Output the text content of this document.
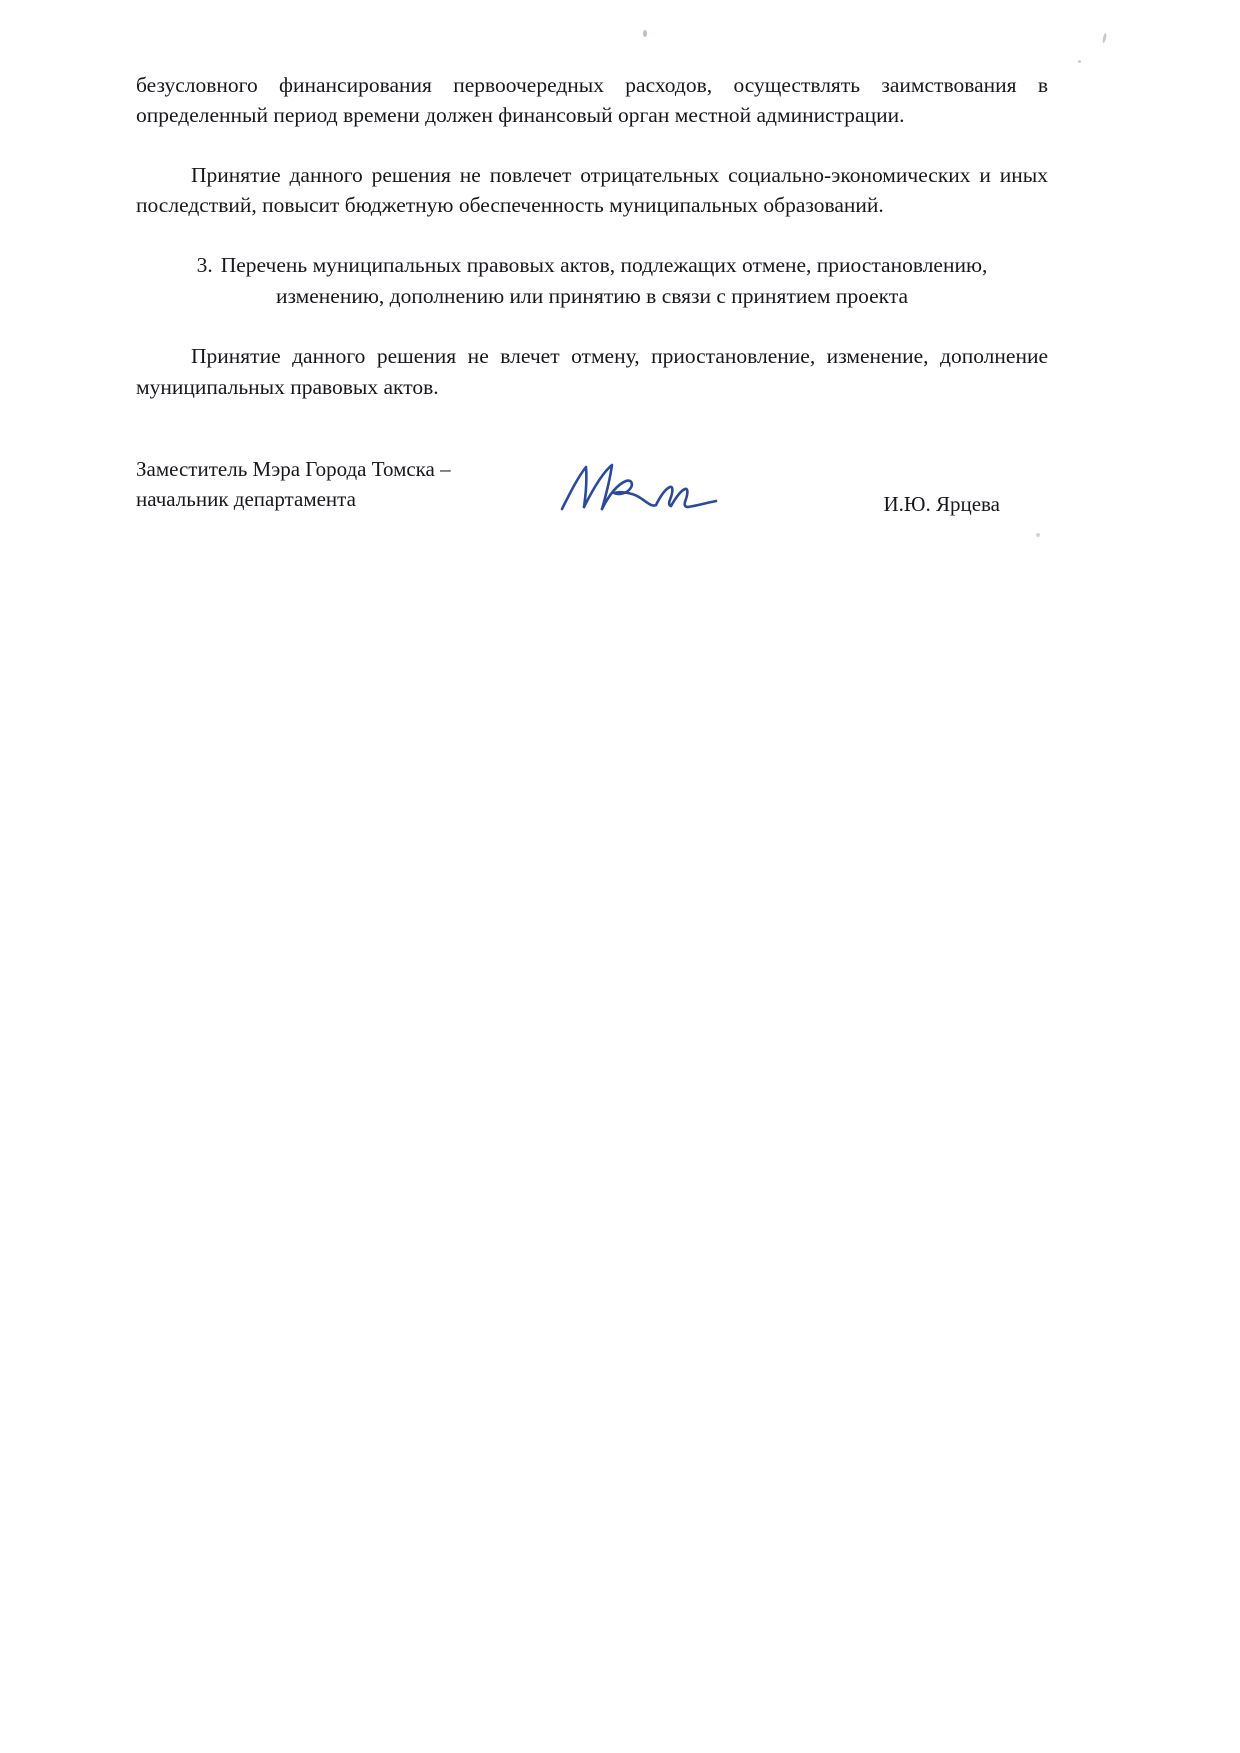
безусловного финансирования первоочередных расходов, осуществлять заимствования в определенный период времени должен финансовый орган местной администрации.

Принятие данного решения не повлечет отрицательных социально-экономических и иных последствий, повысит бюджетную обеспеченность муниципальных образований.

3. Перечень муниципальных правовых актов, подлежащих отмене, приостановлению, изменению, дополнению или принятию в связи с принятием проекта

Принятие данного решения не влечет отмену, приостановление, изменение, дополнение муниципальных правовых актов.

Заместитель Мэра Города Томска –
начальник департамента	И.Ю. Ярцева
